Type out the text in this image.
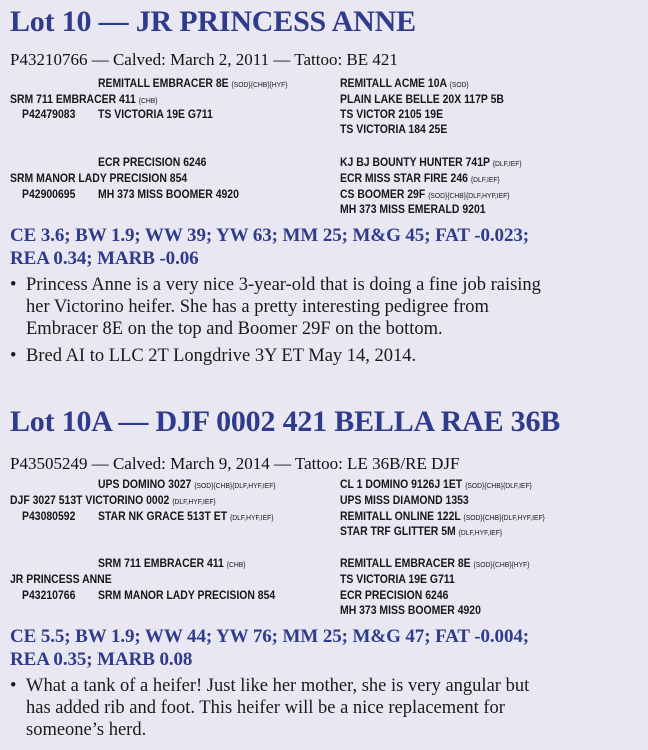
Lot 10 — JR PRINCESS ANNE
P43210766 — Calved: March 2, 2011 — Tattoo: BE 421
REMITALL EMBRACER 8E {SOD}{CHB}{HYF}	REMITALL ACME 10A {SOD}
SRM 711 EMBRACER 411 {CHB}	PLAIN LAKE BELLE 20X 117P 5B
P42479083 TS VICTORIA 19E G711	TS VICTOR 2105 19E
TS VICTORIA 184 25E
ECR PRECISION 6246	KJ BJ BOUNTY HUNTER 741P {DLF,IEF}
SRM MANOR LADY PRECISION 854	ECR MISS STAR FIRE 246 {DLF,IEF}
P42900695 MH 373 MISS BOOMER 4920	CS BOOMER 29F {SOD}{CHB}{DLF,HYF,IEF}
MH 373 MISS EMERALD 9201
CE 3.6; BW 1.9; WW 39; YW 63; MM 25; M&G 45; FAT -0.023;
REA 0.34; MARB -0.06
• Princess Anne is a very nice 3-year-old that is doing a fine job raising
her Victorino heifer. She has a pretty interesting pedigree from
Embracer 8E on the top and Boomer 29F on the bottom.
• Bred AI to LLC 2T Longdrive 3Y ET May 14, 2014.
Lot 10A — DJF 0002 421 BELLA RAE 36B
P43505249 — Calved: March 9, 2014 — Tattoo: LE 36B/RE DJF
UPS DOMINO 3027 {SOD}{CHB}{DLF,HYF,IEF}	CL 1 DOMINO 9126J 1ET {SOD}{CHB}{DLF,IEF}
DJF 3027 513T VICTORINO 0002 {DLF,HYF,IEF}	UPS MISS DIAMOND 1353
P43080592 STAR NK GRACE 513T ET {DLF,HYF,IEF}	REMITALL ONLINE 122L {SOD}{CHB}{DLF,HYF,IEF}
STAR TRF GLITTER 5M {DLF,HYF,IEF}
SRM 711 EMBRACER 411 {CHB}	REMITALL EMBRACER 8E {SOD}{CHB}{HYF}
JR PRINCESS ANNE	TS VICTORIA 19E G711
P43210766 SRM MANOR LADY PRECISION 854	ECR PRECISION 6246
MH 373 MISS BOOMER 4920
CE 5.5; BW 1.9; WW 44; YW 76; MM 25; M&G 47; FAT -0.004;
REA 0.35; MARB 0.08
• What a tank of a heifer! Just like her mother, she is very angular but
has added rib and foot. This heifer will be a nice replacement for
someone’s herd.
